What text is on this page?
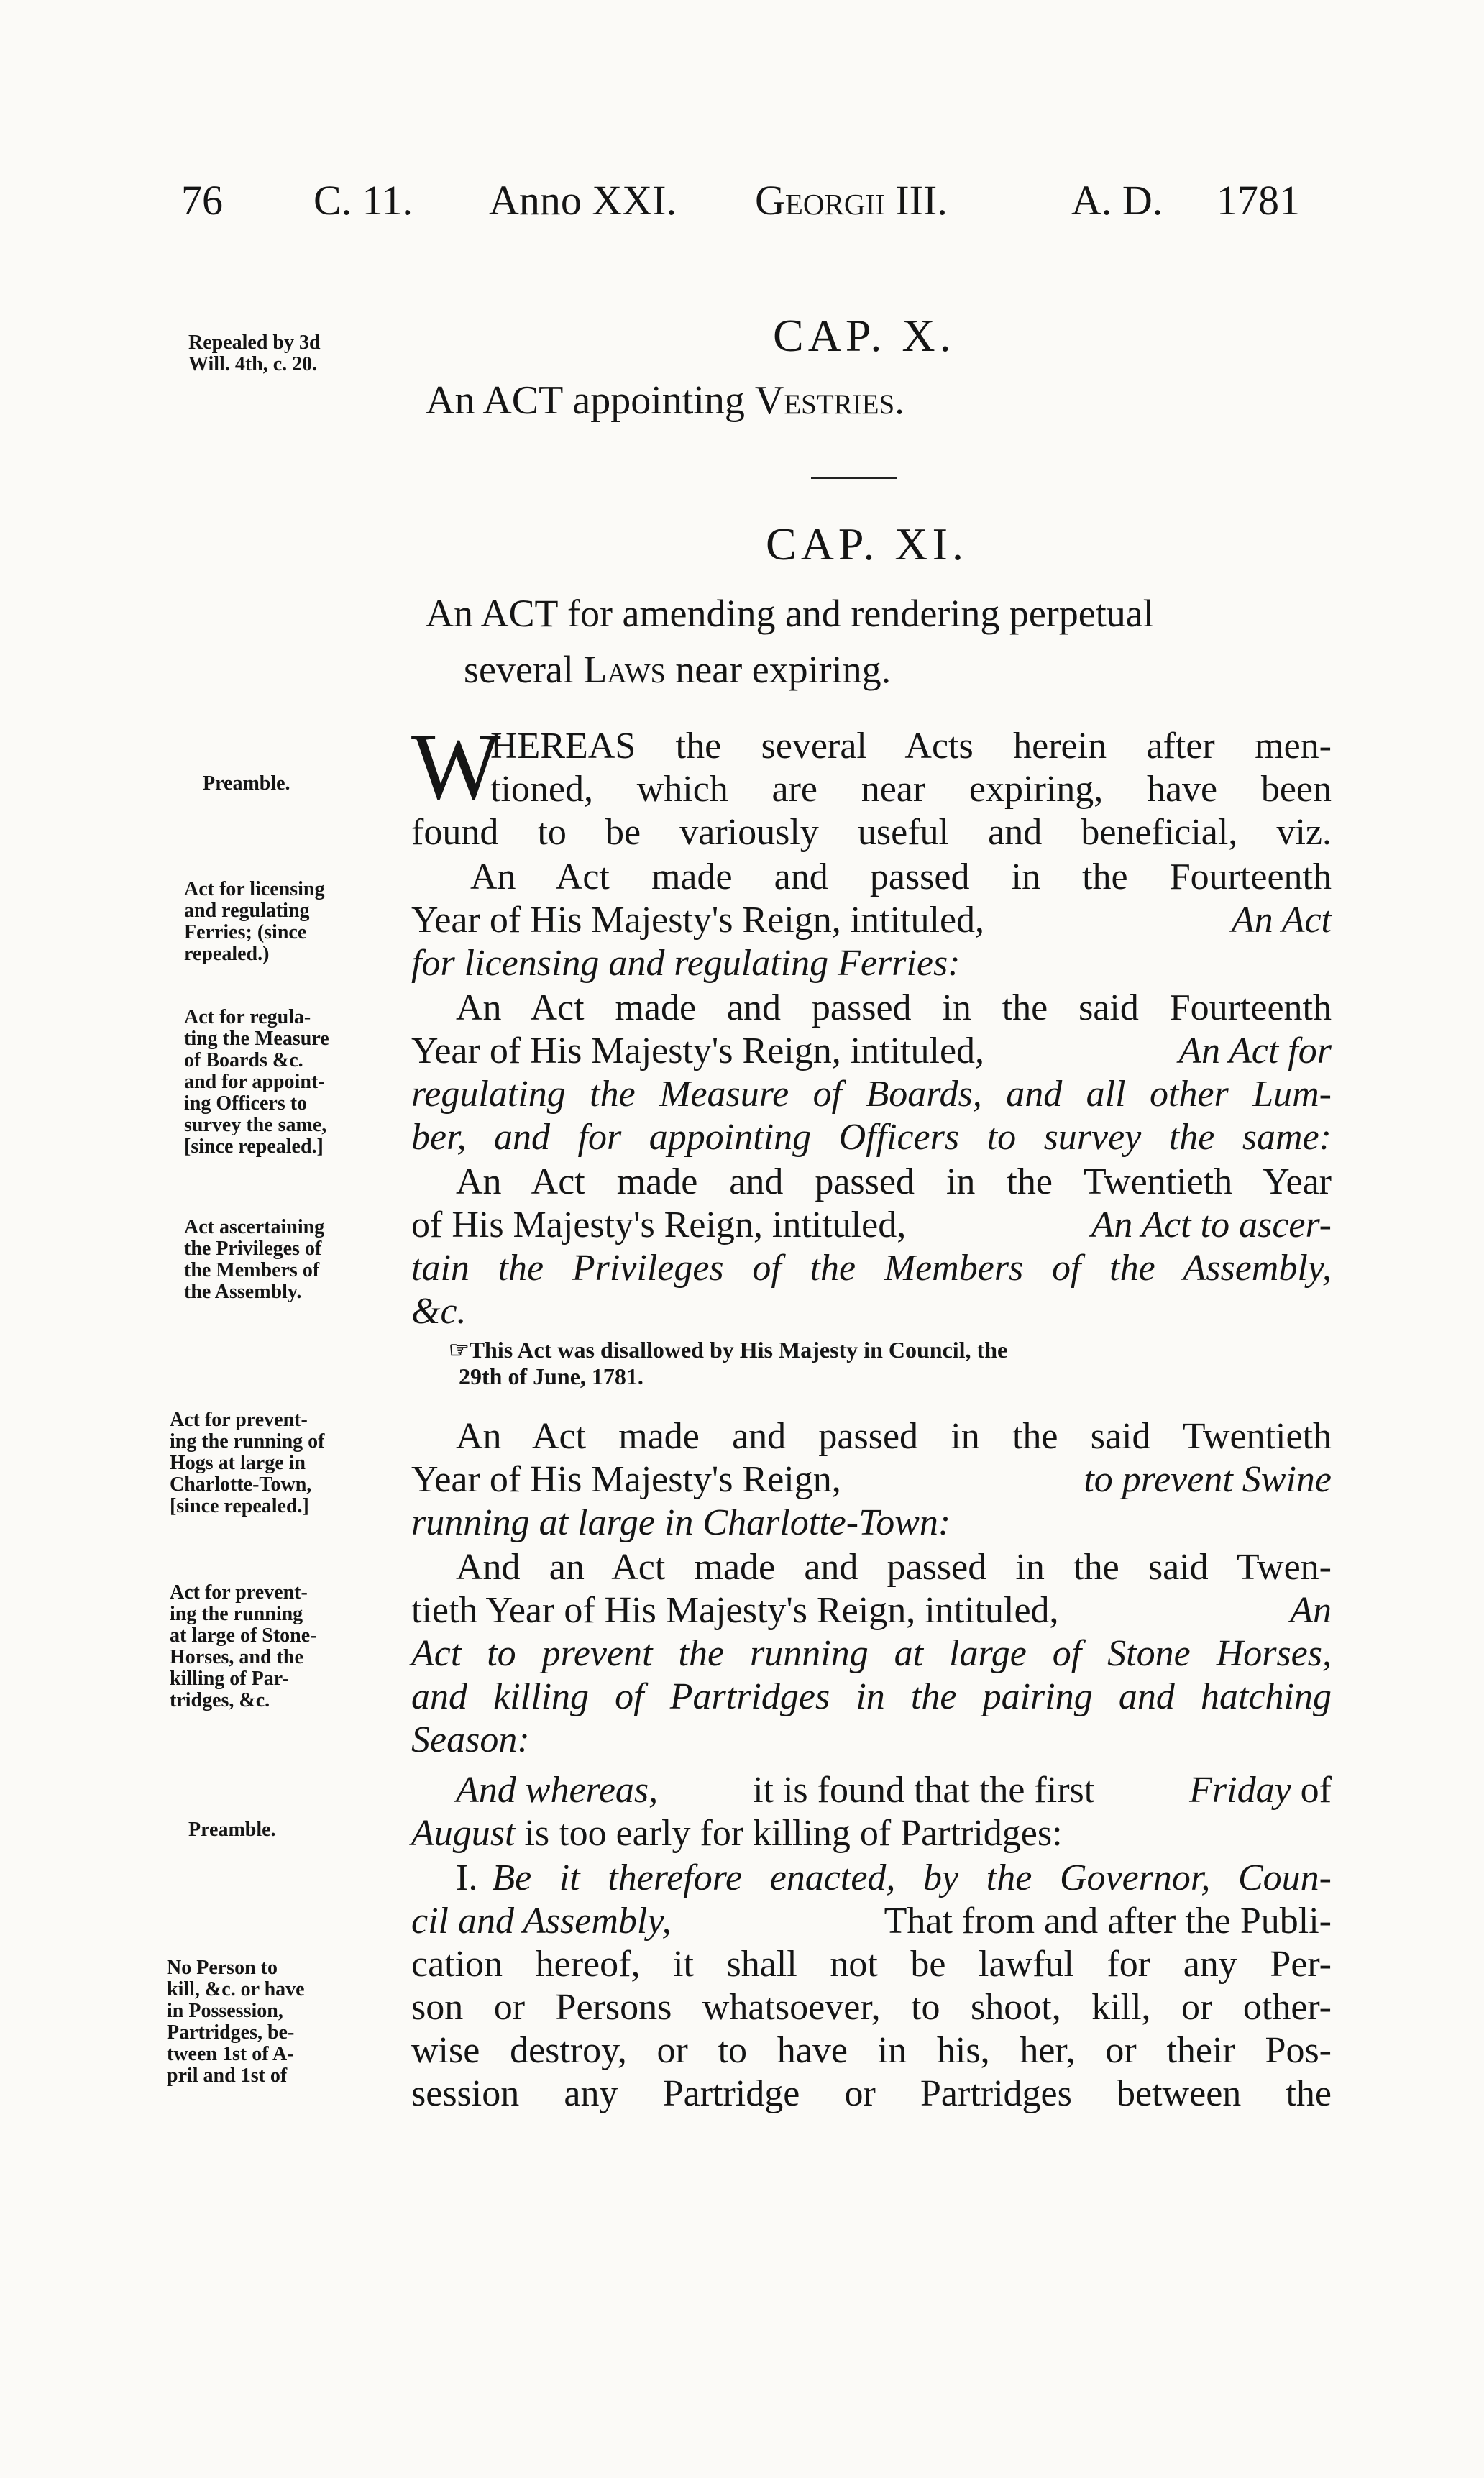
76 C. 11. Anno XXI. Georgii III.	A. D. 1781
CAP. X.
Repealed by 3d
Will. 4th, c. 20.
An ACT appointing Vestries.
CAP. XI.
An ACT for amending and rendering perpetual
several Laws near expiring.
Preamble.
Act for licensing
and regulating
Ferries; (since
repealed.)
Act for regula-
ting the Measure
of Boards &c.
and for appoint-
ing Officers to
survey the same,
[since repealed.]
Act ascertaining
the Privileges of
the Members of
the Assembly.
Act for prevent-
ing the running of
Hogs at large in
Charlotte-Town,
[since repealed.]
Act for prevent-
ing the running
at large of Stone-
Horses, and the
killing of Par-
tridges, &c.
Preamble.
No Person to
kill, &c. or have
in Possession,
Partridges, be-
tween 1st of A-
pril and 1st of
W
HEREAS the several Acts herein after men-
tioned, which are near expiring, have been
found to be variously useful and beneficial, viz.
An Act made and passed in the Fourteenth
Year of His Majesty's Reign, intituled,	An Act
for licensing and regulating Ferries:
An Act made and passed in the said Fourteenth
Year of His Majesty's Reign, intituled,	An Act for
regulating the Measure of Boards, and all other Lum-
ber, and for appointing Officers to survey the same:
An Act made and passed in the Twentieth Year
of His Majesty's Reign, intituled,	An Act to ascer-
tain the Privileges of the Members of the Assembly,
&c.
☞This Act was disallowed by His Majesty in Council, the
29th of June, 1781.
An Act made and passed in the said Twentieth
Year of His Majesty's Reign,	to prevent Swine
running at large in Charlotte-Town:
And an Act made and passed in the said Twen-
tieth Year of His Majesty's Reign, intituled,	An
Act to prevent the running at large of Stone Horses,
and killing of Partridges in the pairing and hatching
Season:
And whereas,	it is found that the first	Friday of
August is too early for killing of Partridges:
I. Be it therefore enacted, by the Governor, Coun-
cil and Assembly,	That from and after the Publi-
cation hereof, it shall not be lawful for any Per-
son or Persons whatsoever, to shoot, kill, or other-
wise destroy, or to have in his, her, or their Pos-
session any Partridge or Partridges between the
